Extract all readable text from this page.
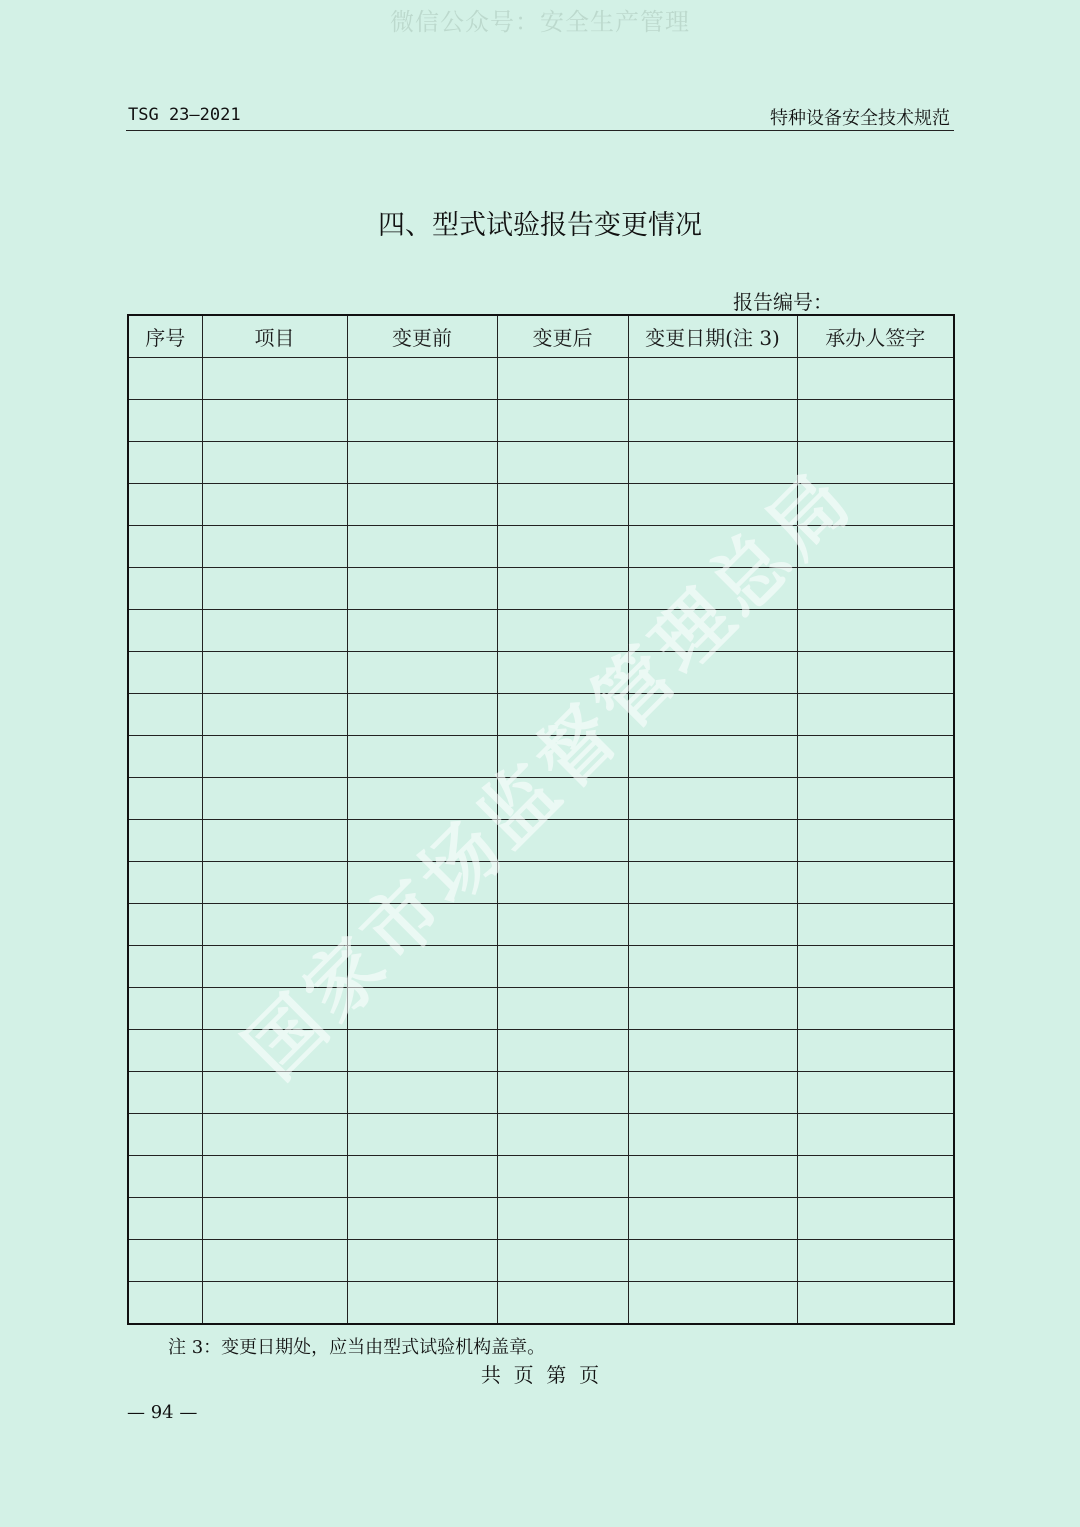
微信公众号：安全生产管理
TSG 23—2021	特种设备安全技术规范
四、型式试验报告变更情况
报告编号：
序号	项目	变更前	变更后	变更日期(注 3)	承办人签字

国家市场监督管理总局
注 3：变更日期处，应当由型式试验机构盖章。
共  页  第  页
— 94 —
